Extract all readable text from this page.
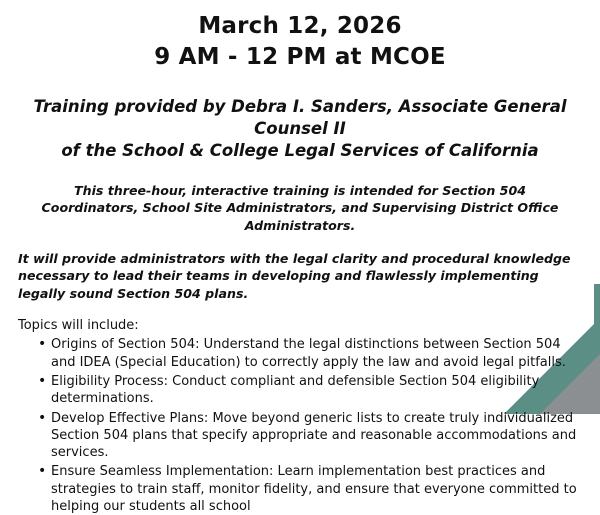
March 12, 2026
9 AM - 12 PM at MCOE
Training provided by Debra I. Sanders, Associate General Counsel II
of the School & College Legal Services of California
This three-hour, interactive training is intended for Section 504 Coordinators, School Site Administrators, and Supervising District Office Administrators.
It will provide administrators with the legal clarity and procedural knowledge necessary to lead their teams in developing and flawlessly implementing legally sound Section 504 plans.
Topics will include:
• Origins of Section 504: Understand the legal distinctions between Section 504 and IDEA (Special Education) to correctly apply the law and avoid legal pitfalls.
• Eligibility Process: Conduct compliant and defensible Section 504 eligibility determinations.
• Develop Effective Plans: Move beyond generic lists to create truly individualized Section 504 plans that specify appropriate and reasonable accommodations and services.
• Ensure Seamless Implementation: Learn implementation best practices and strategies to train staff, monitor fidelity, and ensure that everyone committed to helping our students all school
